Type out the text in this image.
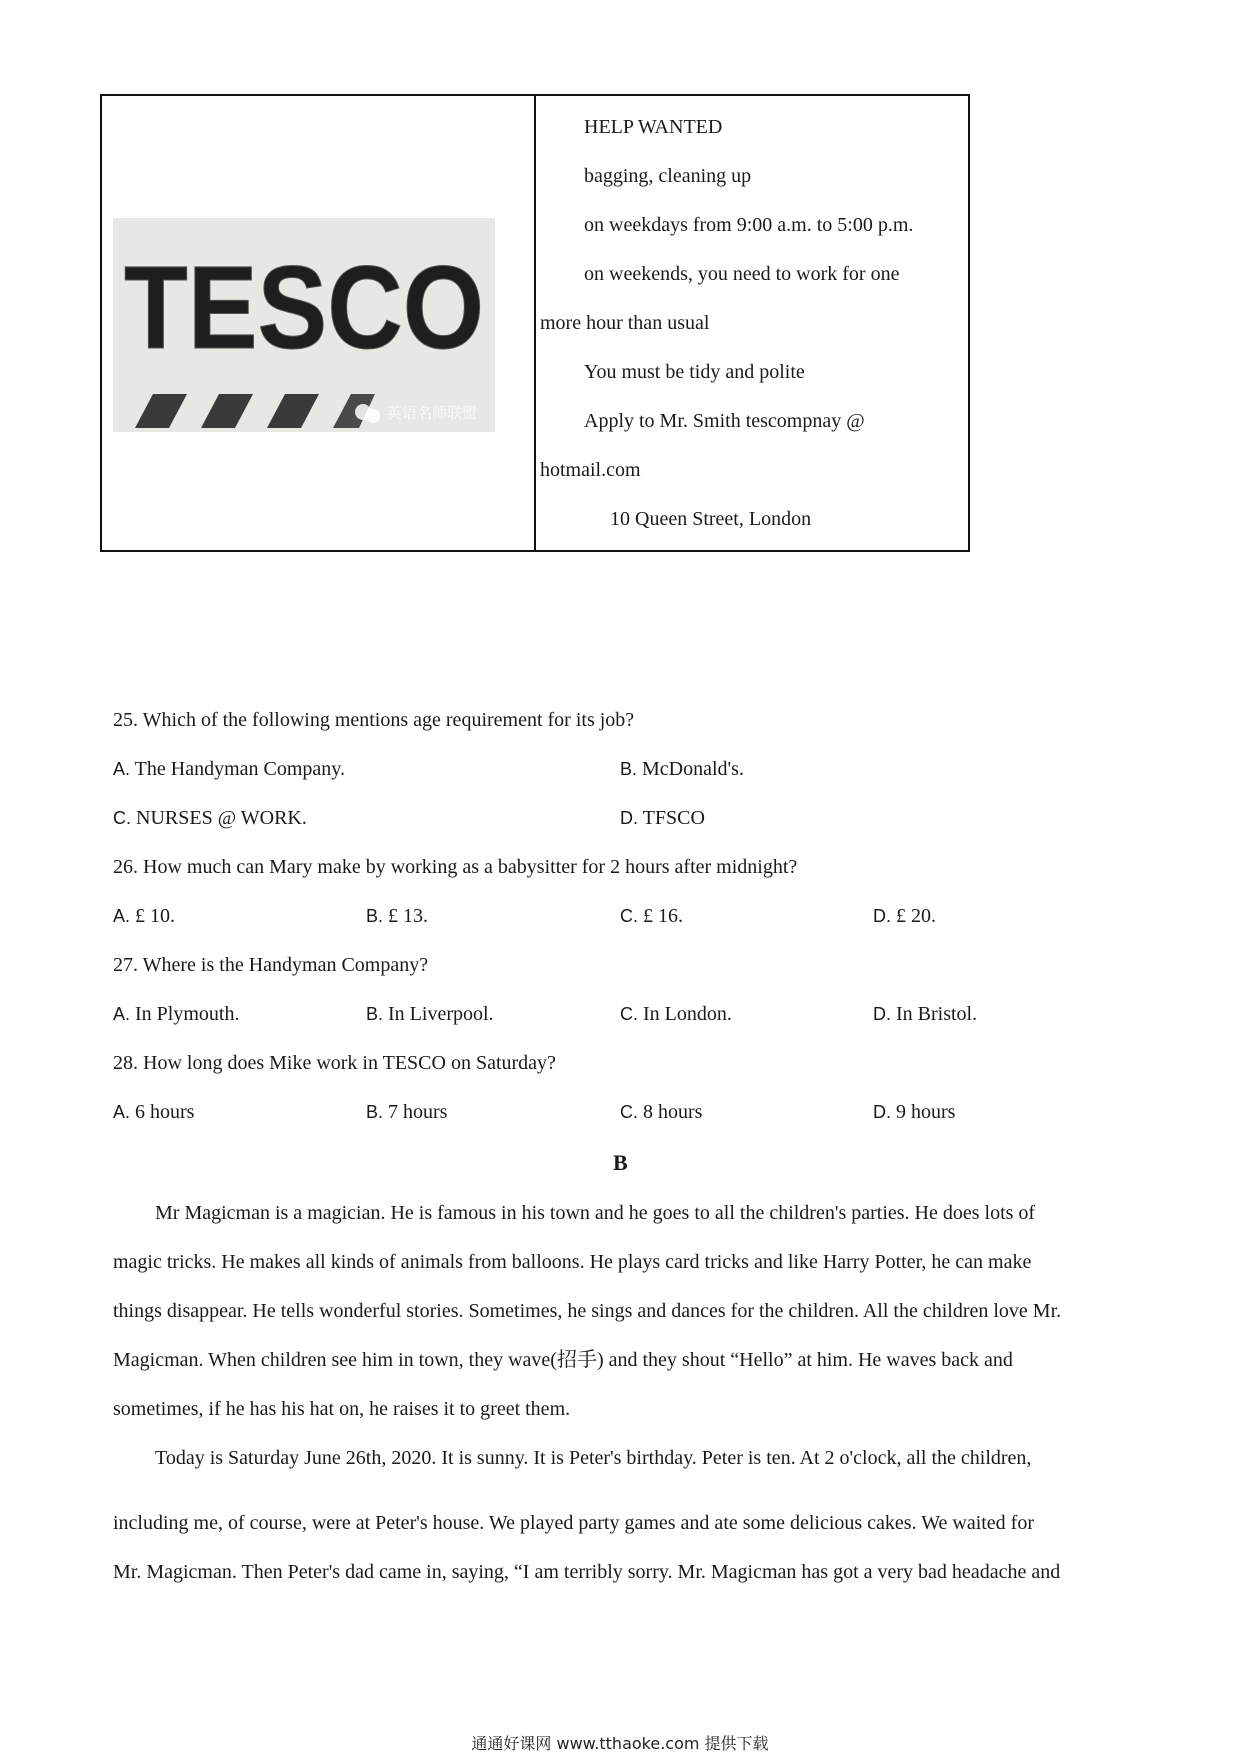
TESCO
英语名师联盟
HELP WANTED
bagging, cleaning up
on weekdays from 9:00 a.m. to 5:00 p.m.
on weekends, you need to work for one
more hour than usual
You must be tidy and polite
Apply to Mr. Smith tescompnay @
hotmail.com
10 Queen Street, London
25. Which of the following mentions age requirement for its job?
A. The Handyman Company.	B. McDonald's.
C. NURSES @ WORK.	D. TFSCO
26. How much can Mary make by working as a babysitter for 2 hours after midnight?
A. £ 10.	B. £ 13.	C. £ 16.	D. £ 20.
27. Where is the Handyman Company?
A. In Plymouth.	B. In Liverpool.	C. In London.	D. In Bristol.
28. How long does Mike work in TESCO on Saturday?
A. 6 hours	B. 7 hours	C. 8 hours	D. 9 hours
B
Mr Magicman is a magician. He is famous in his town and he goes to all the children's parties. He does lots of
magic tricks. He makes all kinds of animals from balloons. He plays card tricks and like Harry Potter, he can make
things disappear. He tells wonderful stories. Sometimes, he sings and dances for the children. All the children love Mr.
Magicman. When children see him in town, they wave(招手) and they shout “Hello” at him. He waves back and
sometimes, if he has his hat on, he raises it to greet them.
Today is Saturday June 26th, 2020. It is sunny. It is Peter's birthday. Peter is ten. At 2 o'clock, all the children,
including me, of course, were at Peter's house. We played party games and ate some delicious cakes. We waited for
Mr. Magicman. Then Peter's dad came in, saying, “I am terribly sorry. Mr. Magicman has got a very bad headache and
通通好课网 www.tthaoke.com 提供下载
